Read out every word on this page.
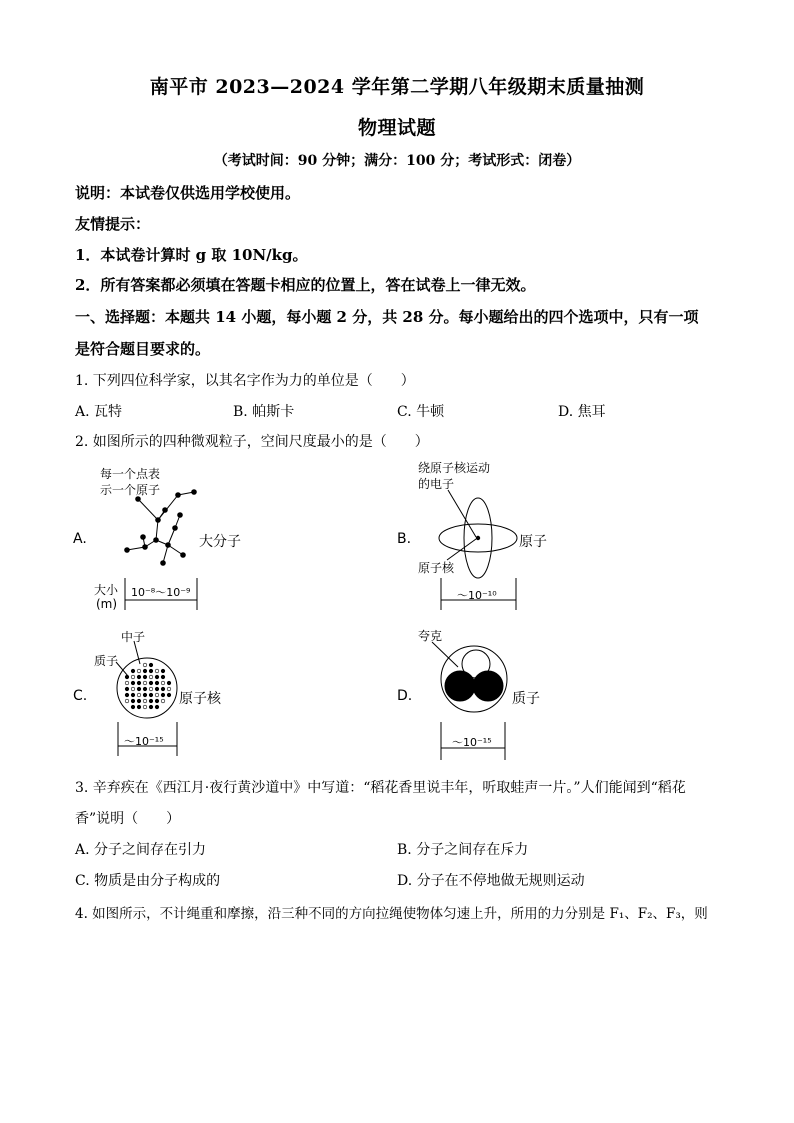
南平市 2023—2024 学年第二学期八年级期末质量抽测
物理试题
（考试时间：90 分钟；满分：100 分；考试形式：闭卷）
说明：本试卷仅供选用学校使用。
友情提示：
1．本试卷计算时 g 取 10N/kg。
2．所有答案都必须填在答题卡相应的位置上，答在试卷上一律无效。
一、选择题：本题共 14 小题，每小题 2 分，共 28 分。每小题给出的四个选项中，只有一项
是符合题目要求的。
1. 下列四位科学家，以其名字作为力的单位是（　　）
A. 瓦特	B. 帕斯卡	C. 牛顿	D. 焦耳
2. 如图所示的四种微观粒子，空间尺度最小的是（　　）
A.
每一个点表
示一个原子
大分子
大小
(m)
10⁻⁸～10⁻⁹
B.
绕原子核运动
的电子
原子
原子核
～10⁻¹⁰
C.
中子
质子
原子核
～10⁻¹⁵
D.
夸克
质子
～10⁻¹⁵
3. 辛弃疾在《西江月·夜行黄沙道中》中写道：“稻花香里说丰年，听取蛙声一片。”人们能闻到“稻花
香”说明（　　）
A. 分子之间存在引力	B. 分子之间存在斥力
C. 物质是由分子构成的	D. 分子在不停地做无规则运动
4. 如图所示，不计绳重和摩擦，沿三种不同的方向拉绳使物体匀速上升，所用的力分别是 F₁、F₂、F₃，则
